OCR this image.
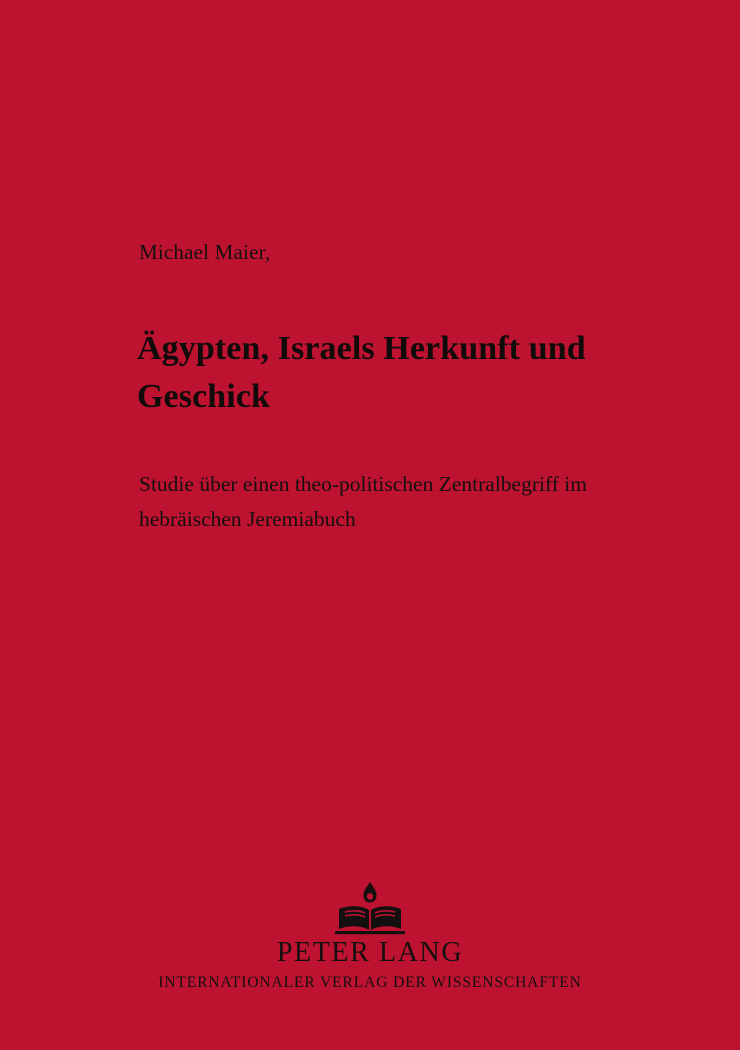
Michael Maier,
Ägypten, Israels Herkunft und Geschick
Studie über einen theo-politischen Zentralbegriff im hebräischen Jeremiabuch
PETER LANG
INTERNATIONALER VERLAG DER WISSENSCHAFTEN
